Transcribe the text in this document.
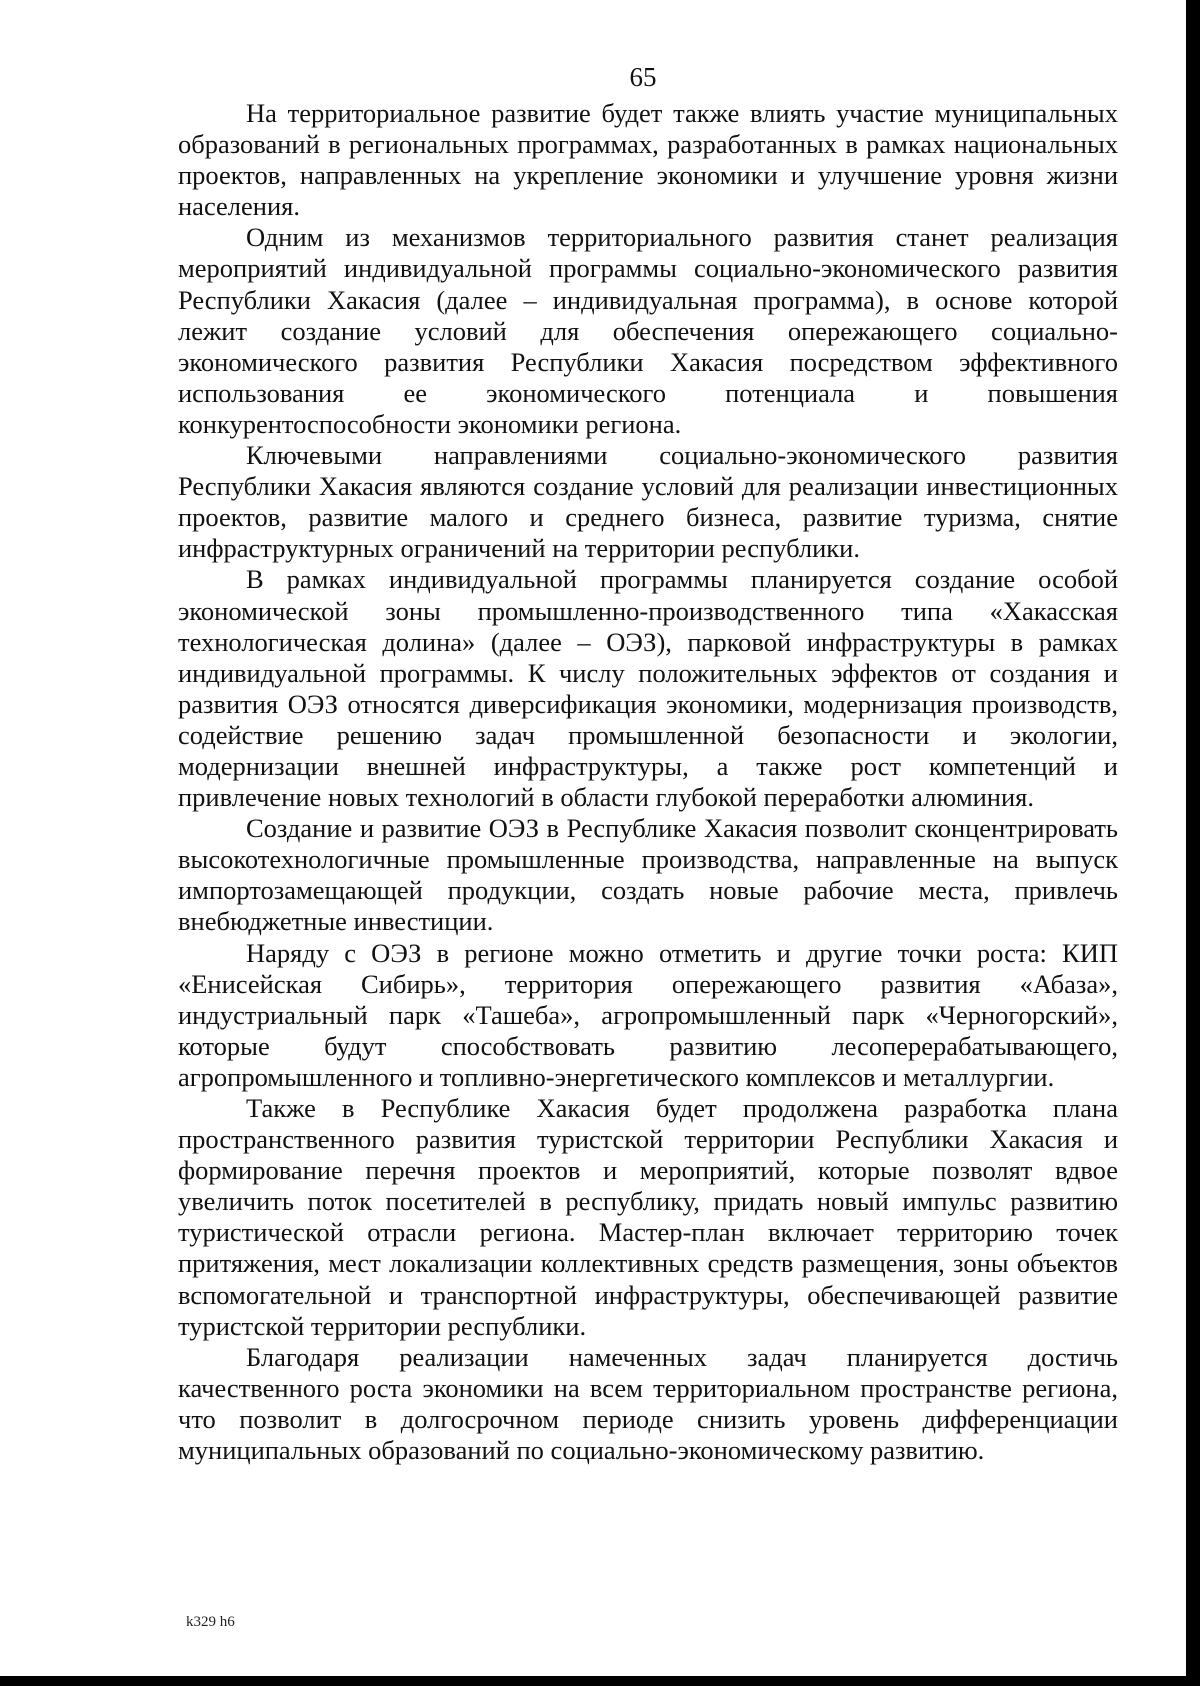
65

На территориальное развитие будет также влиять участие муниципальных образований в региональных программах, разработанных в рамках национальных проектов, направленных на укрепление экономики и улучшение уровня жизни населения.

Одним из механизмов территориального развития станет реализация мероприятий индивидуальной программы социально-экономического развития Республики Хакасия (далее – индивидуальная программа), в основе которой лежит создание условий для обеспечения опережающего социально-экономического развития Республики Хакасия посредством эффективного использования ее экономического потенциала и повышения конкурентоспособности экономики региона.

Ключевыми направлениями социально-экономического развития Республики Хакасия являются создание условий для реализации инвестиционных проектов, развитие малого и среднего бизнеса, развитие туризма, снятие инфраструктурных ограничений на территории республики.

В рамках индивидуальной программы планируется создание особой экономической зоны промышленно-производственного типа «Хакасская технологическая долина» (далее – ОЭЗ), парковой инфраструктуры в рамках индивидуальной программы. К числу положительных эффектов от создания и развития ОЭЗ относятся диверсификация экономики, модернизация производств, содействие решению задач промышленной безопасности и экологии, модернизации внешней инфраструктуры, а также рост компетенций и привлечение новых технологий в области глубокой переработки алюминия.

Создание и развитие ОЭЗ в Республике Хакасия позволит сконцентрировать высокотехнологичные промышленные производства, направленные на выпуск импортозамещающей продукции, создать новые рабочие места, привлечь внебюджетные инвестиции.

Наряду с ОЭЗ в регионе можно отметить и другие точки роста: КИП «Енисейская Сибирь», территория опережающего развития «Абаза», индустриальный парк «Ташеба», агропромышленный парк «Черногорский», которые будут способствовать развитию лесоперерабатывающего, агропромышленного и топливно-энергетического комплексов и металлургии.

Также в Республике Хакасия будет продолжена разработка плана пространственного развития туристской территории Республики Хакасия и формирование перечня проектов и мероприятий, которые позволят вдвое увеличить поток посетителей в республику, придать новый импульс развитию туристической отрасли региона. Мастер-план включает территорию точек притяжения, мест локализации коллективных средств размещения, зоны объектов вспомогательной и транспортной инфраструктуры, обеспечивающей развитие туристской территории республики.

Благодаря реализации намеченных задач планируется достичь качественного роста экономики на всем территориальном пространстве региона, что позволит в долгосрочном периоде снизить уровень дифференциации муниципальных образований по социально-экономическому развитию.

k329 h6
